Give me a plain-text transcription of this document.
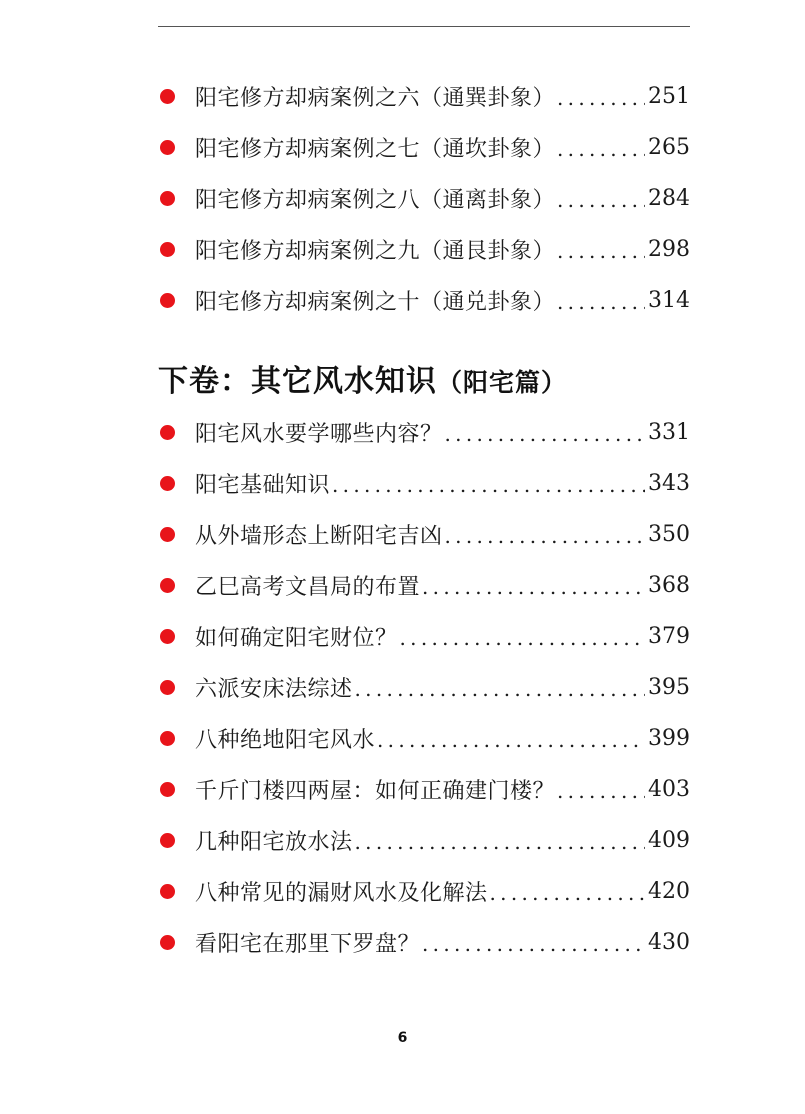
阳宅修方却病案例之六（通巽卦象） .....	251
阳宅修方却病案例之七（通坎卦象） .....	265
阳宅修方却病案例之八（通离卦象） .....	284
阳宅修方却病案例之九（通艮卦象） .....	298
阳宅修方却病案例之十（通兑卦象） .....	314
下卷：其它风水知识（阳宅篇）
阳宅风水要学哪些内容？ .....	331
阳宅基础知识 .....	343
从外墙形态上断阳宅吉凶 .....	350
乙巳高考文昌局的布置 .....	368
如何确定阳宅财位？ .....	379
六派安床法综述 .....	395
八种绝地阳宅风水 .....	399
千斤门楼四两屋：如何正确建门楼？ .....	403
几种阳宅放水法 .....	409
八种常见的漏财风水及化解法 .....	420
看阳宅在那里下罗盘？ .....	430
6
